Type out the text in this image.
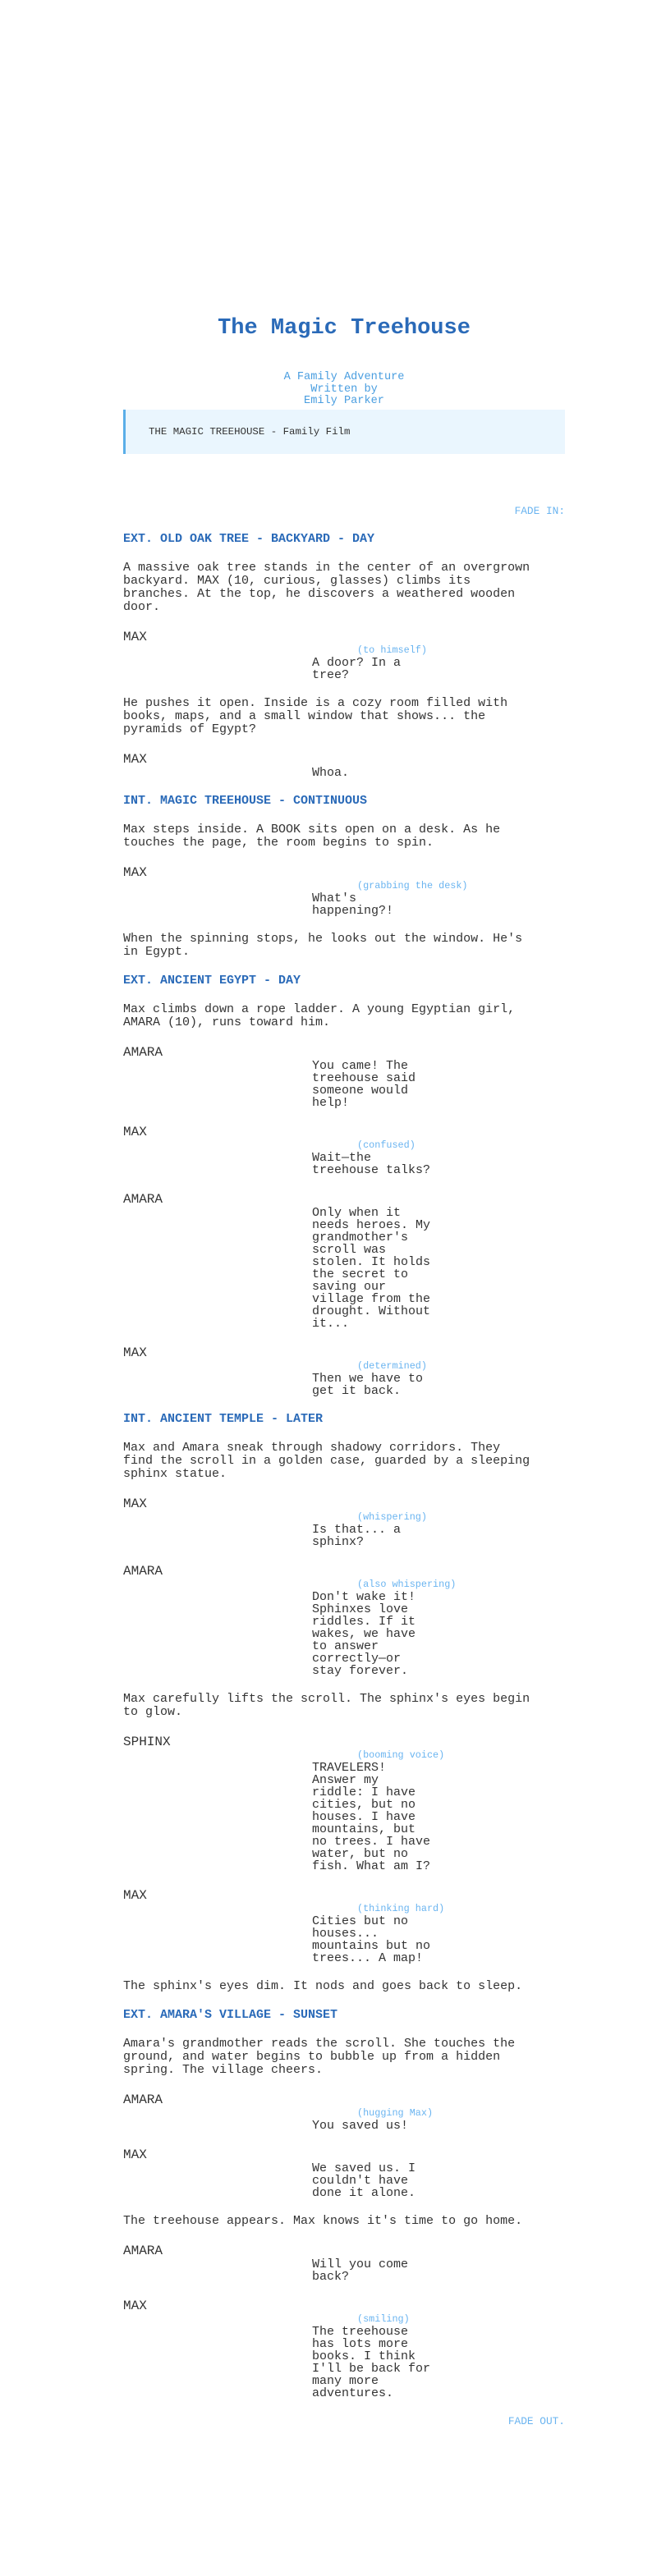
The Magic Treehouse
A Family Adventure
Written by
Emily Parker
THE MAGIC TREEHOUSE - Family Film
FADE IN:
EXT. OLD OAK TREE - BACKYARD - DAY
A massive oak tree stands in the center of an overgrown backyard. MAX (10, curious, glasses) climbs its branches. At the top, he discovers a weathered wooden door.
MAX
(to himself)
A door? In a tree?
He pushes it open. Inside is a cozy room filled with books, maps, and a small window that shows... the pyramids of Egypt?
MAX
Whoa.
INT. MAGIC TREEHOUSE - CONTINUOUS
Max steps inside. A BOOK sits open on a desk. As he touches the page, the room begins to spin.
MAX
(grabbing the desk)
What's happening?!
When the spinning stops, he looks out the window. He's in Egypt.
EXT. ANCIENT EGYPT - DAY
Max climbs down a rope ladder. A young Egyptian girl, AMARA (10), runs toward him.
AMARA
You came! The treehouse said someone would help!
MAX
(confused)
Wait—the treehouse talks?
AMARA
Only when it needs heroes. My grandmother's scroll was stolen. It holds the secret to saving our village from the drought. Without it...
MAX
(determined)
Then we have to get it back.
INT. ANCIENT TEMPLE - LATER
Max and Amara sneak through shadowy corridors. They find the scroll in a golden case, guarded by a sleeping sphinx statue.
MAX
(whispering)
Is that... a sphinx?
AMARA
(also whispering)
Don't wake it! Sphinxes love riddles. If it wakes, we have to answer correctly—or stay forever.
Max carefully lifts the scroll. The sphinx's eyes begin to glow.
SPHINX
(booming voice)
TRAVELERS! Answer my riddle: I have cities, but no houses. I have mountains, but no trees. I have water, but no fish. What am I?
MAX
(thinking hard)
Cities but no houses... mountains but no trees... A map!
The sphinx's eyes dim. It nods and goes back to sleep.
EXT. AMARA'S VILLAGE - SUNSET
Amara's grandmother reads the scroll. She touches the ground, and water begins to bubble up from a hidden spring. The village cheers.
AMARA
(hugging Max)
You saved us!
MAX
We saved us. I couldn't have done it alone.
The treehouse appears. Max knows it's time to go home.
AMARA
Will you come back?
MAX
(smiling)
The treehouse has lots more books. I think I'll be back for many more adventures.
FADE OUT.
